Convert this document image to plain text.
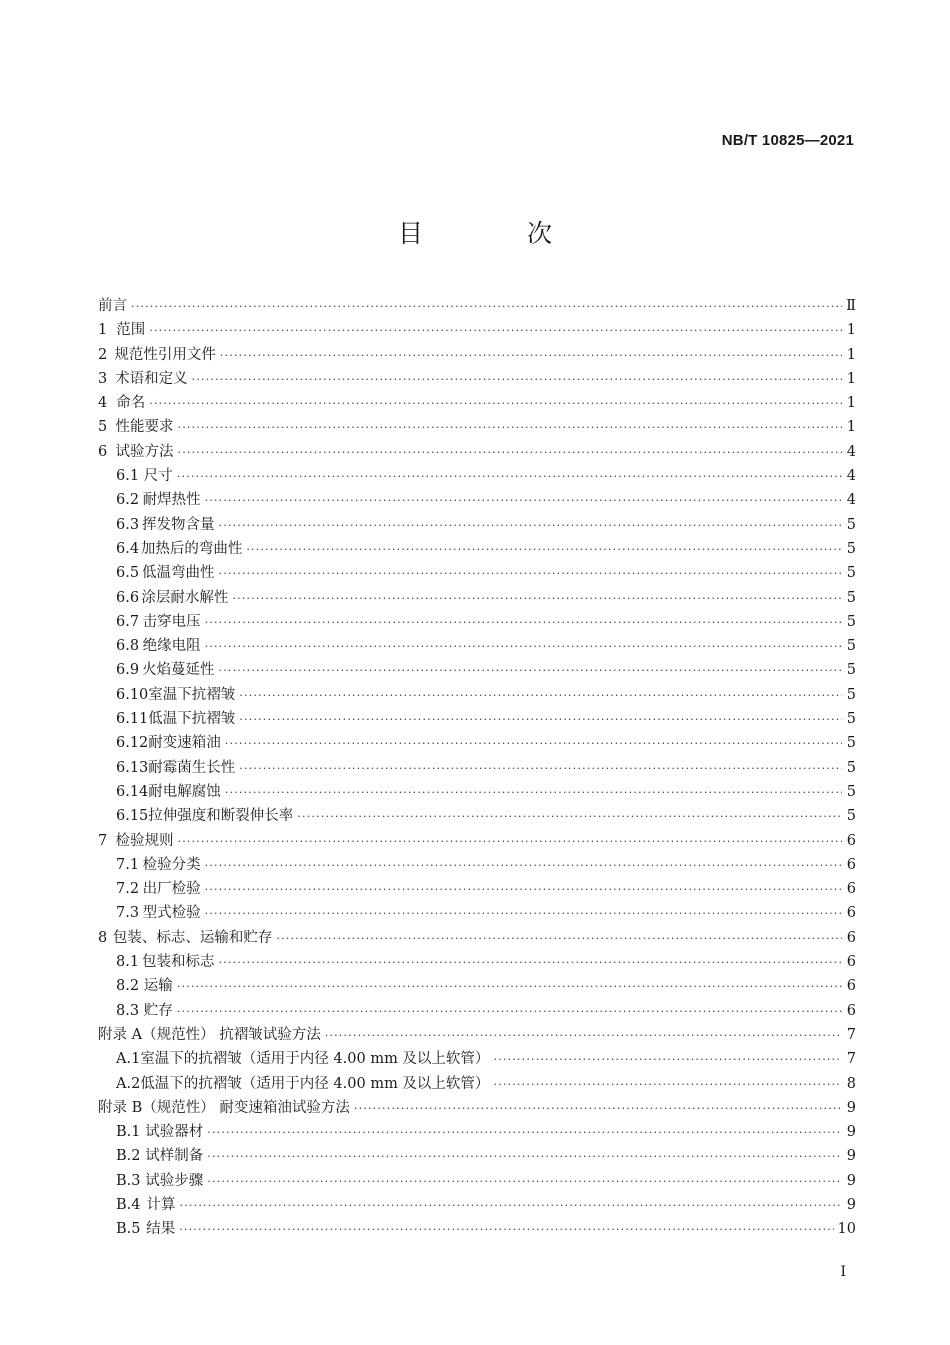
NB/T 10825—2021
目 次
前言 ·····	Ⅱ
1 范围 ·····	1
2 规范性引用文件 ·····	1
3 术语和定义 ·····	1
4 命名 ·····	1
5 性能要求 ·····	1
6 试验方法 ·····	4
6.1 尺寸 ·····	4
6.2 耐焊热性 ·····	4
6.3 挥发物含量 ·····	5
6.4 加热后的弯曲性 ·····	5
6.5 低温弯曲性 ·····	5
6.6 涂层耐水解性 ·····	5
6.7 击穿电压 ·····	5
6.8 绝缘电阻 ·····	5
6.9 火焰蔓延性 ·····	5
6.10 室温下抗褶皱 ·····	5
6.11 低温下抗褶皱 ·····	5
6.12 耐变速箱油 ·····	5
6.13 耐霉菌生长性 ·····	5
6.14 耐电解腐蚀 ·····	5
6.15 拉伸强度和断裂伸长率 ·····	5
7 检验规则 ·····	6
7.1 检验分类 ·····	6
7.2 出厂检验 ·····	6
7.3 型式检验 ·····	6
8 包装、标志、运输和贮存 ·····	6
8.1 包装和标志 ·····	6
8.2 运输 ·····	6
8.3 贮存 ·····	6
附录 A（规范性） 抗褶皱试验方法 ·····	7
A.1 室温下的抗褶皱（适用于内径 4.00 mm 及以上软管） ·····	7
A.2 低温下的抗褶皱（适用于内径 4.00 mm 及以上软管） ·····	8
附录 B（规范性） 耐变速箱油试验方法 ·····	9
B.1 试验器材 ·····	9
B.2 试样制备 ·····	9
B.3 试验步骤 ·····	9
B.4 计算 ·····	9
B.5 结果 ·····	10
I
